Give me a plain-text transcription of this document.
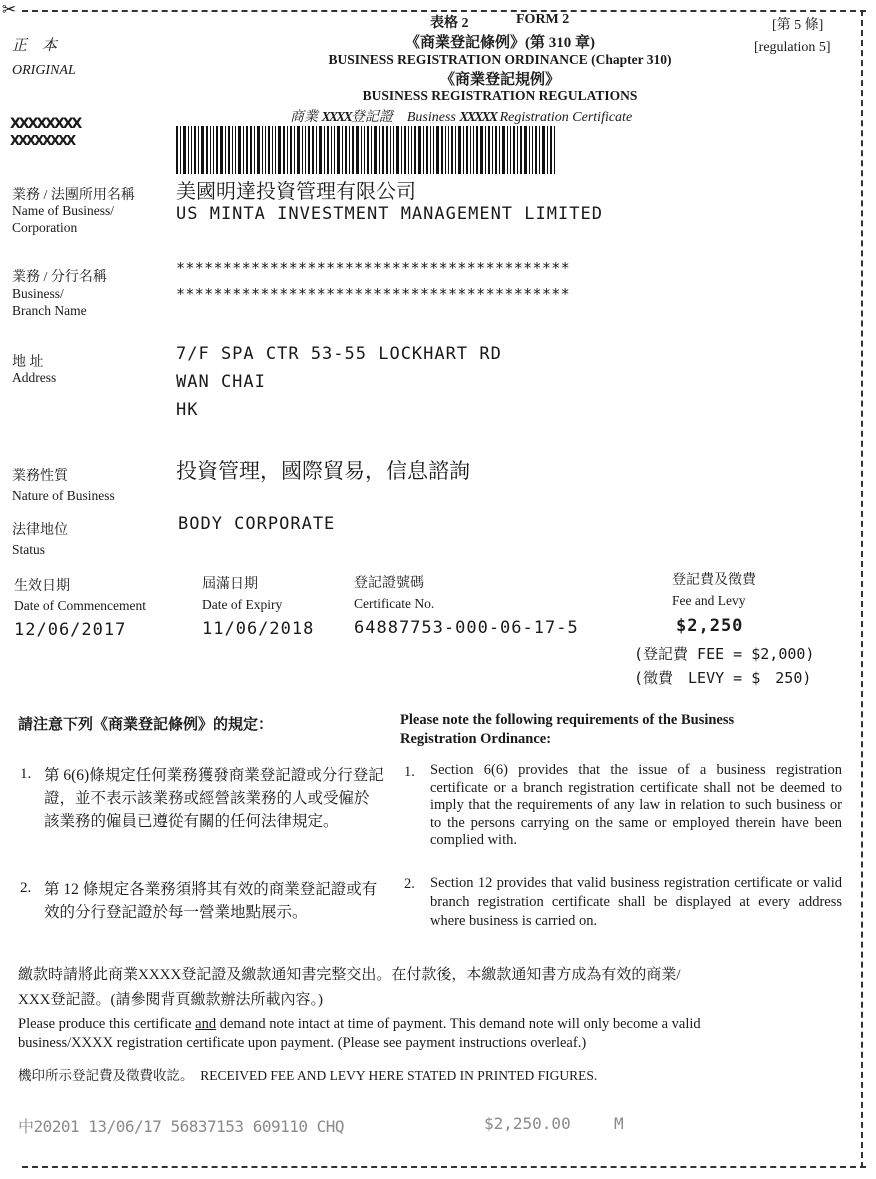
✂
表格 2	FORM 2	[第 5 條]
[regulation 5]
《商業登記條例》(第 310 章)
BUSINESS REGISTRATION ORDINANCE (Chapter 310)
《商業登記規例》
BUSINESS REGISTRATION REGULATIONS
商業 XXXX登記證 Business XXXXX Registration Certificate
正　本
ORIGINAL
XXXXXXXX
XXXXXXXX
業務 / 法團所用名稱
Name of Business/
Corporation
美國明達投資管理有限公司
US MINTA INVESTMENT MANAGEMENT LIMITED
業務 / 分行名稱
Business/
Branch Name
******************************************
******************************************
地 址
Address
7/F SPA CTR 53-55 LOCKHART RD
WAN CHAI
HK
業務性質
Nature of Business
投資管理，國際貿易，信息諮詢
法律地位
Status
BODY CORPORATE
生效日期
Date of Commencement
12/06/2017
屆滿日期
Date of Expiry
11/06/2018
登記證號碼
Certificate No.
64887753-000-06-17-5
登記費及徵費
Fee and Levy
$2,250
(登記費 FEE = $2,000)
(徵費　LEVY = $　250)
請注意下列《商業登記條例》的規定：	Please note the following requirements of the Business
Registration Ordinance:
1. 第 6(6)條規定任何業務獲發商業登記證或分行登記證，並不表示該業務或經營該業務的人或受僱於該業務的僱員已遵從有關的任何法律規定。
1. Section 6(6) provides that the issue of a business registration certificate or a branch registration certificate shall not be deemed to imply that the requirements of any law in relation to such business or to the persons carrying on the same or employed therein have been complied with.
2. 第 12 條規定各業務須將其有效的商業登記證或有效的分行登記證於每一營業地點展示。
2. Section 12 provides that valid business registration certificate or valid branch registration certificate shall be displayed at every address where business is carried on.
繳款時請將此商業XXXX登記證及繳款通知書完整交出。在付款後，本繳款通知書方成為有效的商業/
XXX登記證。(請參閱背頁繳款辦法所載內容。)
Please produce this certificate and demand note intact at time of payment. This demand note will only become a valid
business/XXXX registration certificate upon payment. (Please see payment instructions overleaf.)
機印所示登記費及徵費收訖。 RECEIVED FEE AND LEVY HERE STATED IN PRINTED FIGURES.
中20201 13/06/17 56837153 609110 CHQ	$2,250.00	M
